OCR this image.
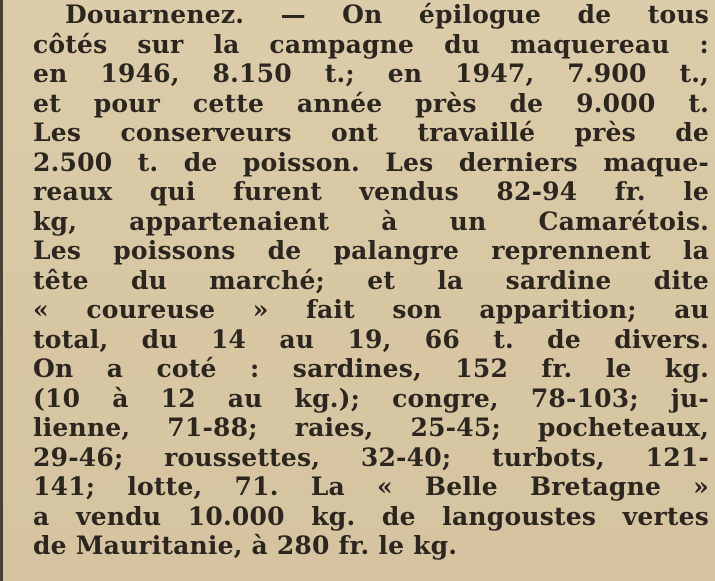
Douarnenez. — On épilogue de tous
côtés sur la campagne du maquereau :
en 1946, 8.150 t.; en 1947, 7.900 t.,
et pour cette année près de 9.000 t.
Les conserveurs ont travaillé près de
2.500 t. de poisson. Les derniers maque-
reaux qui furent vendus 82-94 fr. le
kg, appartenaient à un Camarétois.
Les poissons de palangre reprennent la
tête du marché; et la sardine dite
« coureuse » fait son apparition; au
total, du 14 au 19, 66 t. de divers.
On a coté : sardines, 152 fr. le kg.
(10 à 12 au kg.); congre, 78-103; ju-
lienne, 71-88; raies, 25-45; pocheteaux,
29-46; roussettes, 32-40; turbots, 121-
141; lotte, 71. La « Belle Bretagne »
a vendu 10.000 kg. de langoustes vertes
de Mauritanie, à 280 fr. le kg.
